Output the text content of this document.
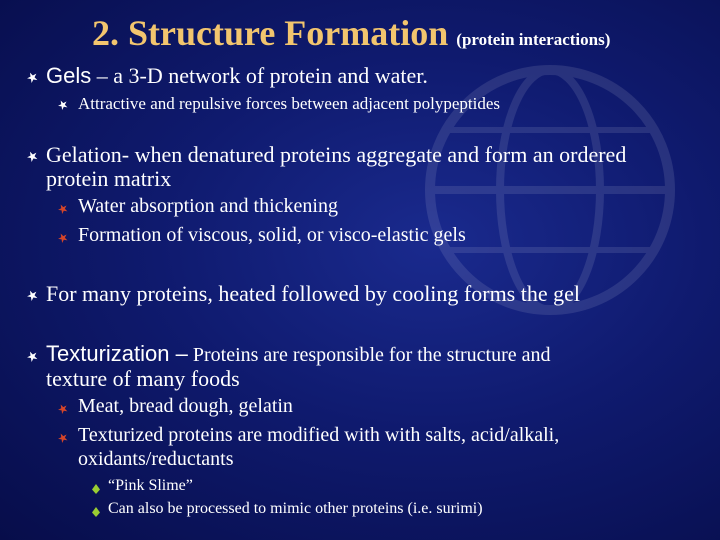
2. Structure Formation (protein interactions)
Gels – a 3-D network of protein and water.
Attractive and repulsive forces between adjacent polypeptides
Gelation- when denatured proteins aggregate and form an ordered
protein matrix
Water absorption and thickening
Formation of viscous, solid, or visco-elastic gels
For many proteins, heated followed by cooling forms the gel
Texturization – Proteins are responsible for the structure and
texture of many foods
Meat, bread dough, gelatin
Texturized proteins are modified with with salts, acid/alkali,
oxidants/reductants
“Pink Slime”
Can also be processed to mimic other proteins (i.e. surimi)
